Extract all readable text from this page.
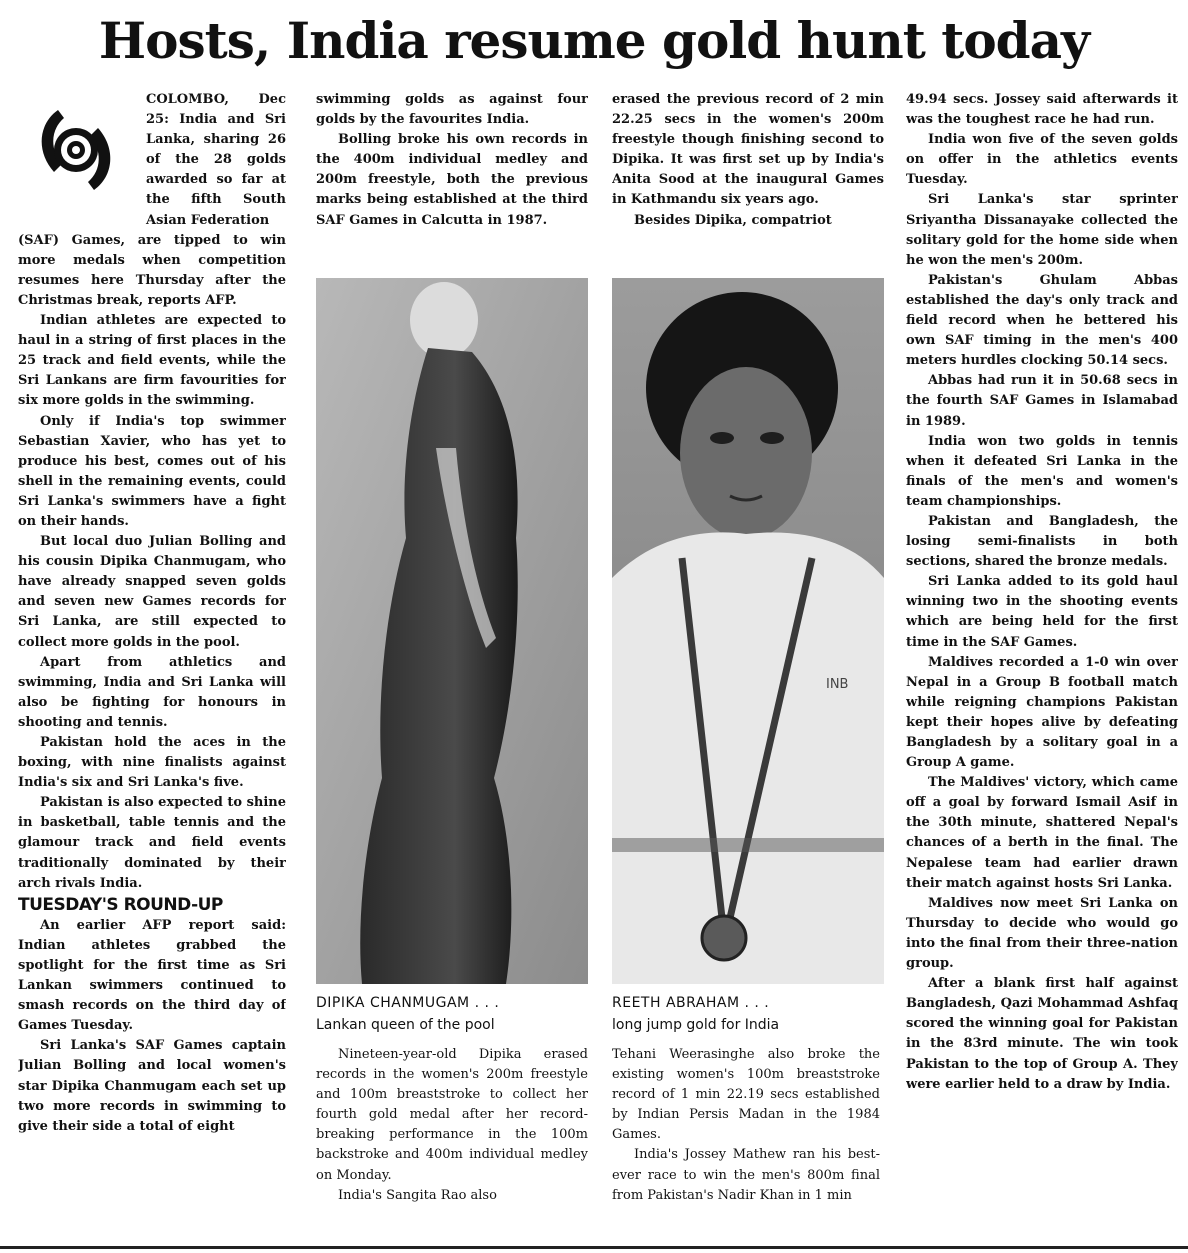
Hosts, India resume gold hunt today

COLOMBO, Dec 25: India and Sri Lanka, sharing 26 of the 28 golds awarded so far at the fifth South Asian Federation

(SAF) Games, are tipped to win more medals when competition resumes here Thursday after the Christmas break, reports AFP.

Indian athletes are expected to haul in a string of first places in the 25 track and field events, while the Sri Lankans are firm favourities for six more golds in the swimming.

Only if India's top swimmer Sebastian Xavier, who has yet to produce his best, comes out of his shell in the remaining events, could Sri Lanka's swimmers have a fight on their hands.

But local duo Julian Bolling and his cousin Dipika Chanmugam, who have already snapped seven golds and seven new Games records for Sri Lanka, are still expected to collect more golds in the pool.

Apart from athletics and swimming, India and Sri Lanka will also be fighting for honours in shooting and tennis.

Pakistan hold the aces in the boxing, with nine finalists against India's six and Sri Lanka's five.

Pakistan is also expected to shine in basketball, table tennis and the glamour track and field events traditionally dominated by their arch rivals India.

TUESDAY'S ROUND-UP

An earlier AFP report said: Indian athletes grabbed the spotlight for the first time as Sri Lankan swimmers continued to smash records on the third day of Games Tuesday.

Sri Lanka's SAF Games captain Julian Bolling and local women's star Dipika Chanmugam each set up two more records in swimming to give their side a total of eight

swimming golds as against four golds by the favourites India.

Bolling broke his own records in the 400m individual medley and 200m freestyle, both the previous marks being established at the third SAF Games in Calcutta in 1987.

erased the previous record of 2 min 22.25 secs in the women's 200m freestyle though finishing second to Dipika. It was first set up by India's Anita Sood at the inaugural Games in Kathmandu six years ago.

Besides Dipika, compatriot

INB
DIPIKA CHANMUGAM . . .
Lankan queen of the pool
REETH ABRAHAM . . .
long jump gold for India

Nineteen-year-old Dipika erased records in the women's 200m freestyle and 100m breaststroke to collect her fourth gold medal after her record-breaking performance in the 100m backstroke and 400m individual medley on Monday.

India's Sangita Rao also

Tehani Weerasinghe also broke the existing women's 100m breaststroke record of 1 min 22.19 secs established by Indian Persis Madan in the 1984 Games.

India's Jossey Mathew ran his best-ever race to win the men's 800m final from Pakistan's Nadir Khan in 1 min

49.94 secs. Jossey said afterwards it was the toughest race he had run.

India won five of the seven golds on offer in the athletics events Tuesday.

Sri Lanka's star sprinter Sriyantha Dissanayake collected the solitary gold for the home side when he won the men's 200m.

Pakistan's Ghulam Abbas established the day's only track and field record when he bettered his own SAF timing in the men's 400 meters hurdles clocking 50.14 secs.

Abbas had run it in 50.68 secs in the fourth SAF Games in Islamabad in 1989.

India won two golds in tennis when it defeated Sri Lanka in the finals of the men's and women's team championships.

Pakistan and Bangladesh, the losing semi-finalists in both sections, shared the bronze medals.

Sri Lanka added to its gold haul winning two in the shooting events which are being held for the first time in the SAF Games.

Maldives recorded a 1-0 win over Nepal in a Group B football match while reigning champions Pakistan kept their hopes alive by defeating Bangladesh by a solitary goal in a Group A game.

The Maldives' victory, which came off a goal by forward Ismail Asif in the 30th minute, shattered Nepal's chances of a berth in the final. The Nepalese team had earlier drawn their match against hosts Sri Lanka.

Maldives now meet Sri Lanka on Thursday to decide who would go into the final from their three-nation group.

After a blank first half against Bangladesh, Qazi Mohammad Ashfaq scored the winning goal for Pakistan in the 83rd minute. The win took Pakistan to the top of Group A. They were earlier held to a draw by India.
